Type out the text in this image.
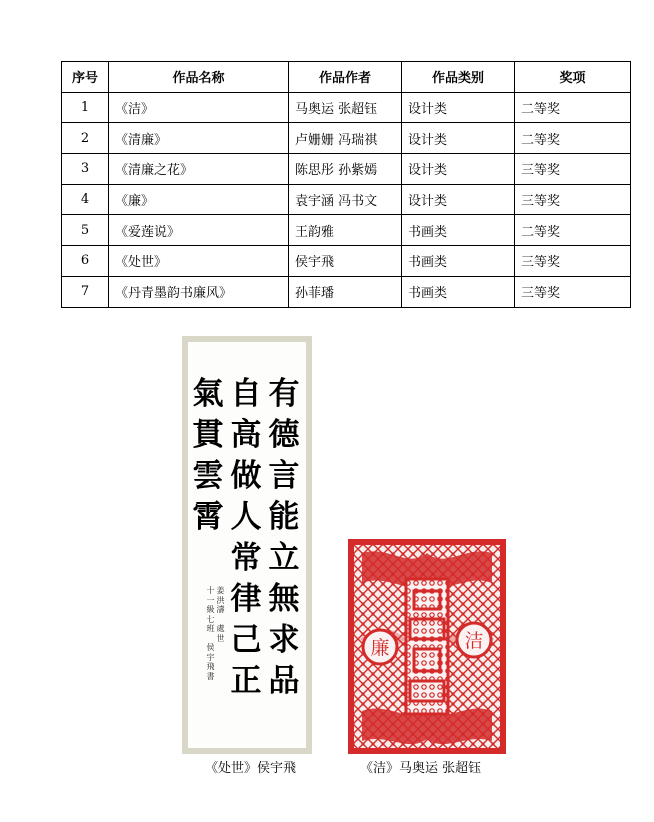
序号	作品名称	作品作者	作品类别	奖项
1	《洁》	马奥运 张超钰	设计类	二等奖
2	《清廉》	卢姗姗 冯瑞祺	设计类	二等奖
3	《清廉之花》	陈思彤 孙紫嫣	设计类	三等奖
4	《廉》	袁宇涵 冯书文	设计类	三等奖
5	《爱莲说》	王韵雅	书画类	二等奖
6	《处世》	侯宇飛	书画类	三等奖
7	《丹青墨韵书廉风》	孙菲璠	书画类	三等奖
有
德
言
能
立
無
求
品
自
高
做
人
常
律
己
正
氣
貫
雲
霄
姜
洪
濤

處
世
十
一
級
七
班

侯
宇
飛
書
廉	洁
《处世》侯宇飛	《洁》马奥运 张超钰
